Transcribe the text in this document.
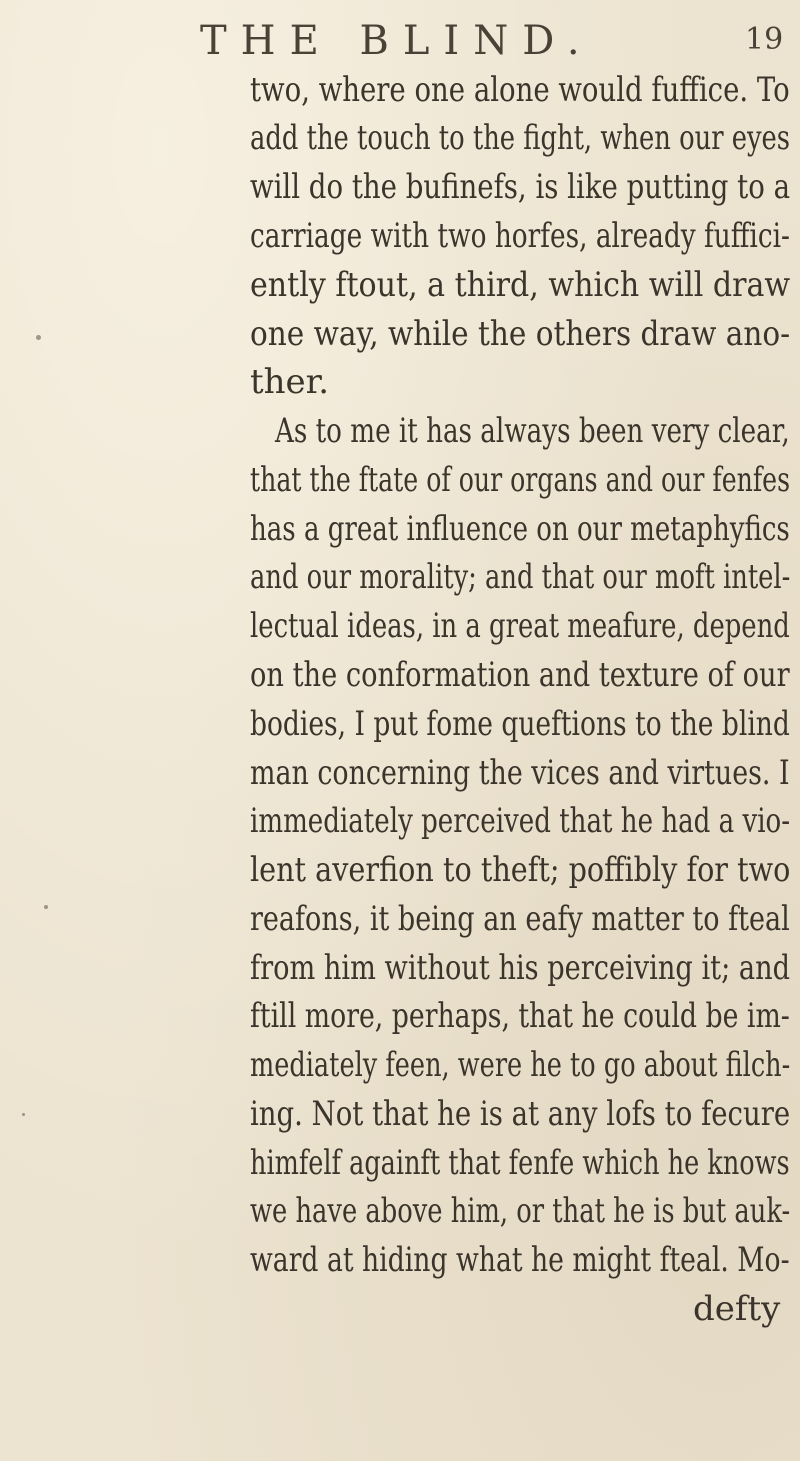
THE BLIND.	19
two, where one alone would fuffice. To
add the touch to the fight, when our eyes
will do the bufinefs, is like putting to a
carriage with two horfes, already fuffici-
ently ftout, a third, which will draw
one way, while the others draw ano-
ther.
As to me it has always been very clear,
that the ftate of our organs and our fenfes
has a great influence on our metaphyfics
and our morality; and that our moft intel-
lectual ideas, in a great meafure, depend
on the conformation and texture of our
bodies, I put fome queftions to the blind
man concerning the vices and virtues. I
immediately perceived that he had a vio-
lent averfion to theft; poffibly for two
reafons, it being an eafy matter to fteal
from him without his perceiving it; and
ftill more, perhaps, that he could be im-
mediately feen, were he to go about filch-
ing. Not that he is at any lofs to fecure
himfelf againft that fenfe which he knows
we have above him, or that he is but auk-
ward at hiding what he might fteal. Mo-
defty
